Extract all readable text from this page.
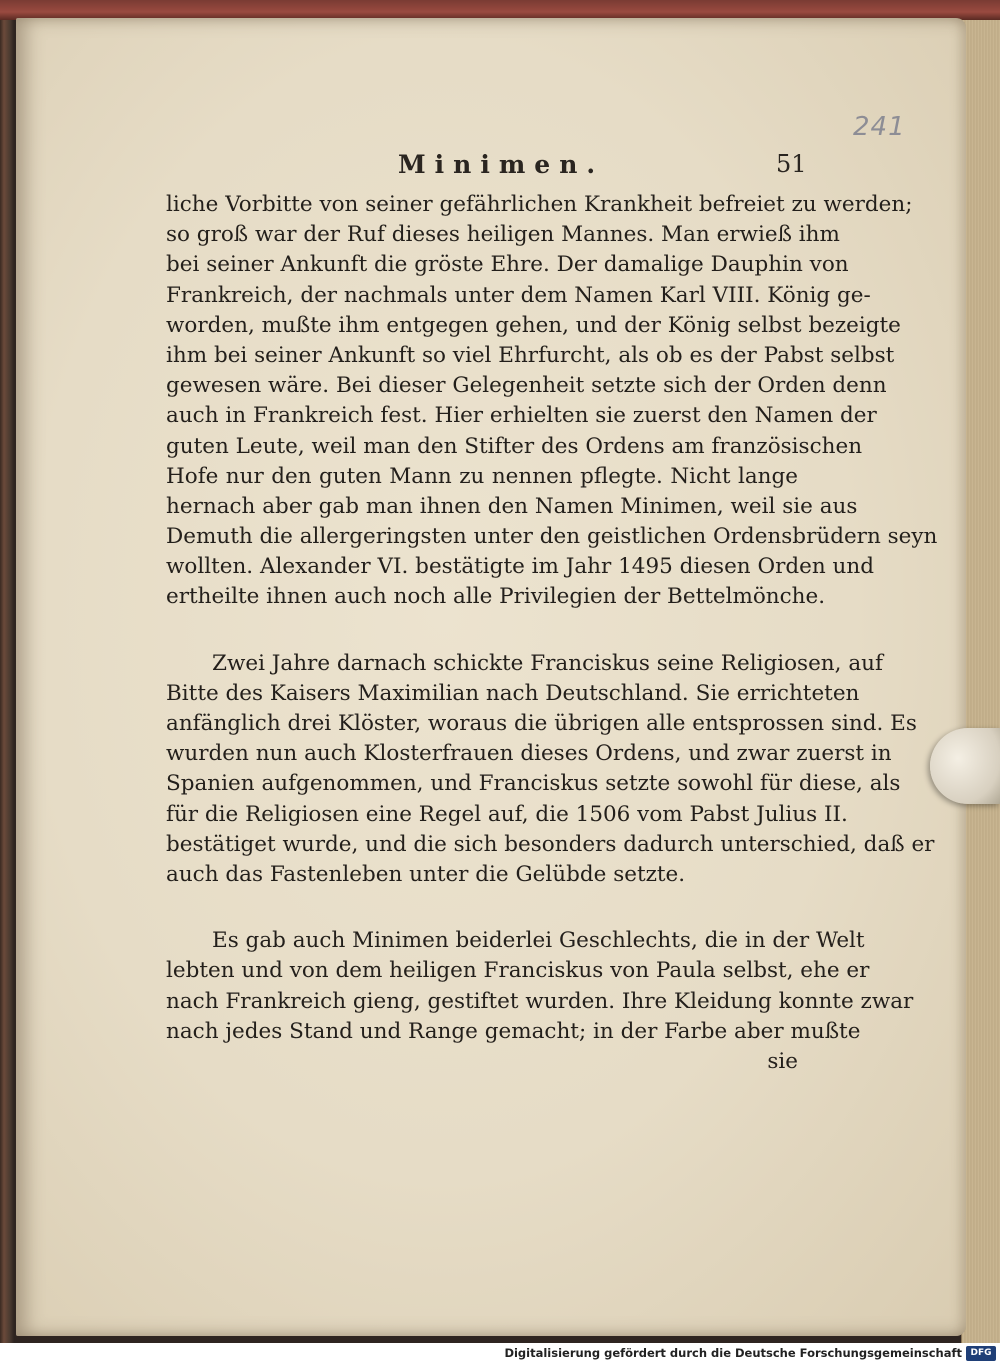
241
Minimen.	51
liche Vorbitte von seiner gefährlichen Krankheit befreiet zu werden;
so groß war der Ruf dieses heiligen Mannes. Man erwieß ihm
bei seiner Ankunft die gröste Ehre. Der damalige Dauphin von
Frankreich, der nachmals unter dem Namen Karl VIII. König ge-
worden, mußte ihm entgegen gehen, und der König selbst bezeigte
ihm bei seiner Ankunft so viel Ehrfurcht, als ob es der Pabst selbst
gewesen wäre. Bei dieser Gelegenheit setzte sich der Orden denn
auch in Frankreich fest. Hier erhielten sie zuerst den Namen der
guten Leute, weil man den Stifter des Ordens am französischen
Hofe nur den guten Mann zu nennen pflegte. Nicht lange
hernach aber gab man ihnen den Namen Minimen, weil sie aus
Demuth die allergeringsten unter den geistlichen Ordensbrüdern seyn
wollten. Alexander VI. bestätigte im Jahr 1495 diesen Orden und
ertheilte ihnen auch noch alle Privilegien der Bettelmönche.
Zwei Jahre darnach schickte Franciskus seine Religiosen, auf
Bitte des Kaisers Maximilian nach Deutschland. Sie errichteten
anfänglich drei Klöster, woraus die übrigen alle entsprossen sind. Es
wurden nun auch Klosterfrauen dieses Ordens, und zwar zuerst in
Spanien aufgenommen, und Franciskus setzte sowohl für diese, als
für die Religiosen eine Regel auf, die 1506 vom Pabst Julius II.
bestätiget wurde, und die sich besonders dadurch unterschied, daß er
auch das Fastenleben unter die Gelübde setzte.
Es gab auch Minimen beiderlei Geschlechts, die in der Welt
lebten und von dem heiligen Franciskus von Paula selbst, ehe er
nach Frankreich gieng, gestiftet wurden. Ihre Kleidung konnte zwar
nach jedes Stand und Range gemacht; in der Farbe aber mußte
sie
Digitalisierung gefördert durch die Deutsche Forschungsgemeinschaft DFG
